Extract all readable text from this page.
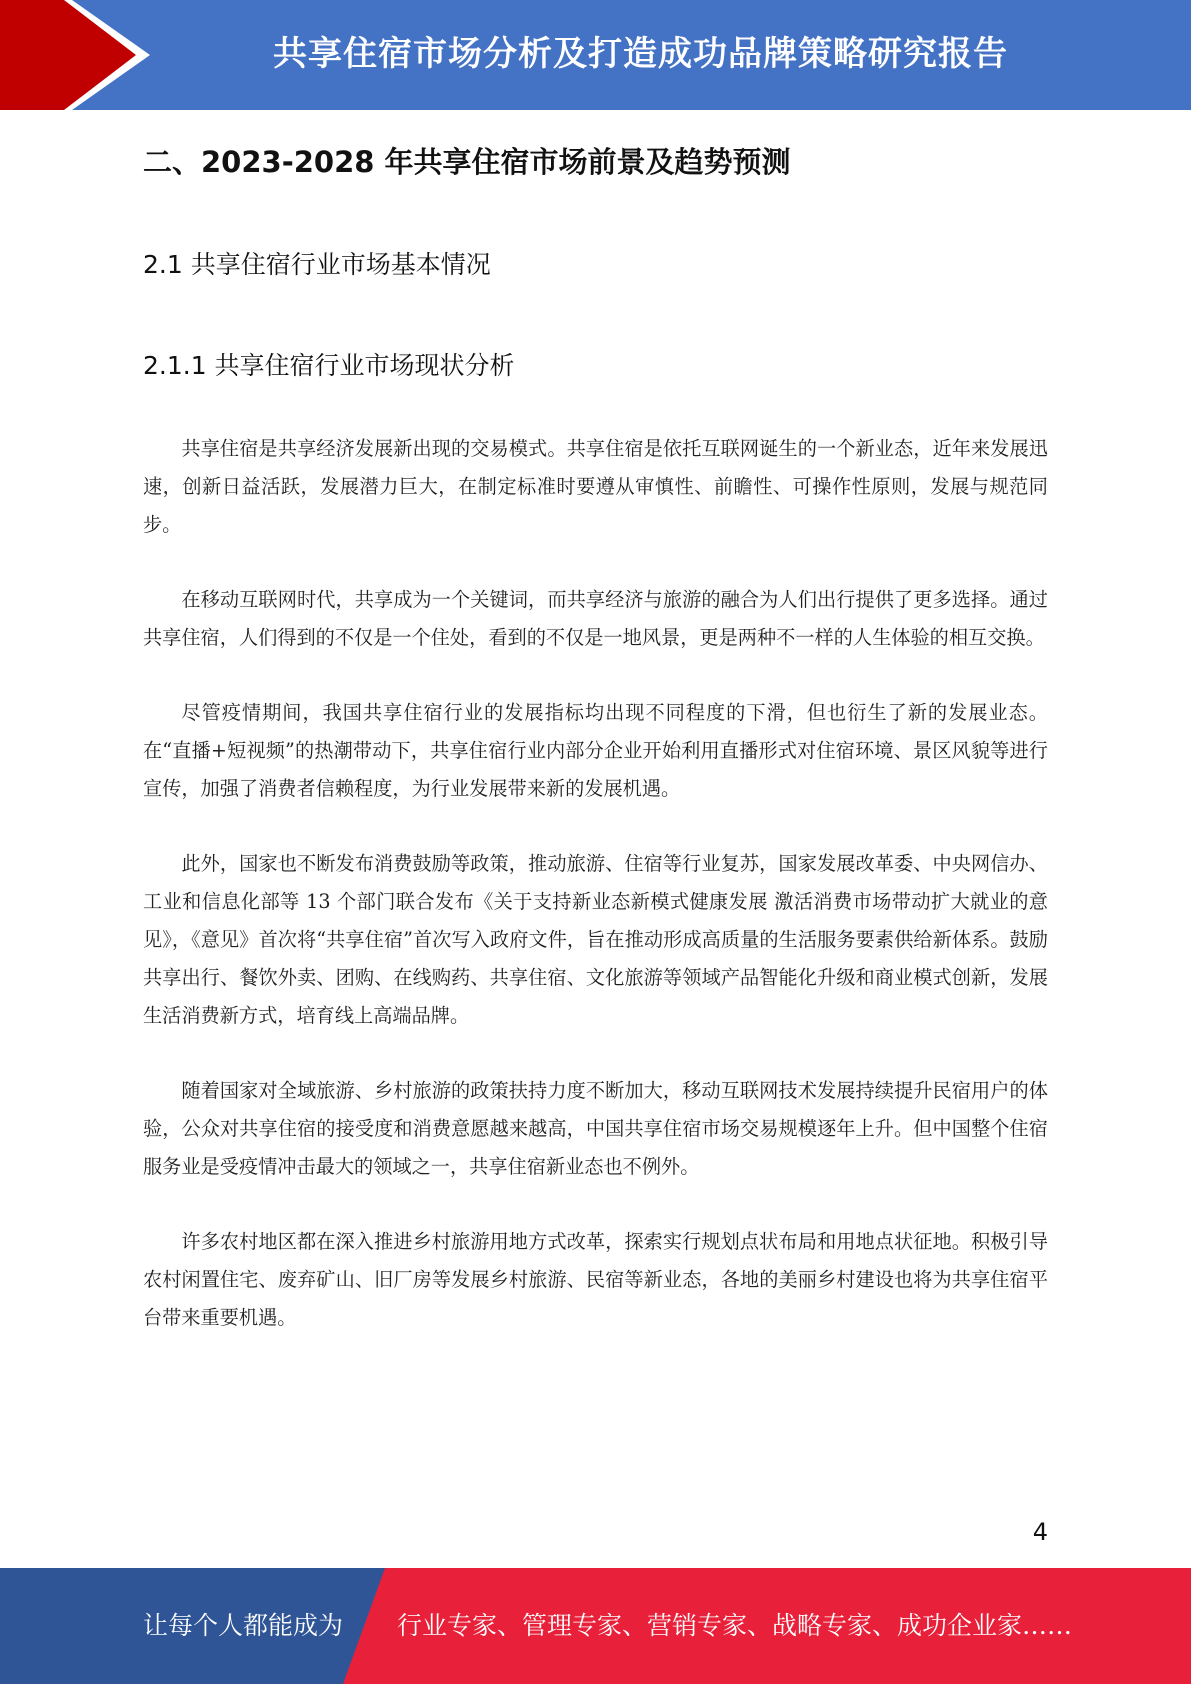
共享住宿市场分析及打造成功品牌策略研究报告
二、2023-2028 年共享住宿市场前景及趋势预测
2.1 共享住宿行业市场基本情况
2.1.1 共享住宿行业市场现状分析

共享住宿是共享经济发展新出现的交易模式。共享住宿是依托互联网诞生的一个新业态，近年来发展迅速，创新日益活跃，发展潜力巨大，在制定标准时要遵从审慎性、前瞻性、可操作性原则，发展与规范同步。

在移动互联网时代，共享成为一个关键词，而共享经济与旅游的融合为人们出行提供了更多选择。通过共享住宿，人们得到的不仅是一个住处，看到的不仅是一地风景，更是两种不一样的人生体验的相互交换。

尽管疫情期间，我国共享住宿行业的发展指标均出现不同程度的下滑，但也衍生了新的发展业态。在“直播+短视频”的热潮带动下，共享住宿行业内部分企业开始利用直播形式对住宿环境、景区风貌等进行宣传，加强了消费者信赖程度，为行业发展带来新的发展机遇。

此外，国家也不断发布消费鼓励等政策，推动旅游、住宿等行业复苏，国家发展改革委、中央网信办、工业和信息化部等 13 个部门联合发布《关于支持新业态新模式健康发展 激活消费市场带动扩大就业的意见》，《意见》首次将“共享住宿”首次写入政府文件，旨在推动形成高质量的生活服务要素供给新体系。鼓励共享出行、餐饮外卖、团购、在线购药、共享住宿、文化旅游等领域产品智能化升级和商业模式创新，发展生活消费新方式，培育线上高端品牌。

随着国家对全域旅游、乡村旅游的政策扶持力度不断加大，移动互联网技术发展持续提升民宿用户的体验，公众对共享住宿的接受度和消费意愿越来越高，中国共享住宿市场交易规模逐年上升。但中国整个住宿服务业是受疫情冲击最大的领域之一，共享住宿新业态也不例外。

许多农村地区都在深入推进乡村旅游用地方式改革，探索实行规划点状布局和用地点状征地。积极引导农村闲置住宅、废弃矿山、旧厂房等发展乡村旅游、民宿等新业态，各地的美丽乡村建设也将为共享住宿平台带来重要机遇。

4
让每个人都能成为 行业专家、管理专家、营销专家、战略专家、成功企业家……
